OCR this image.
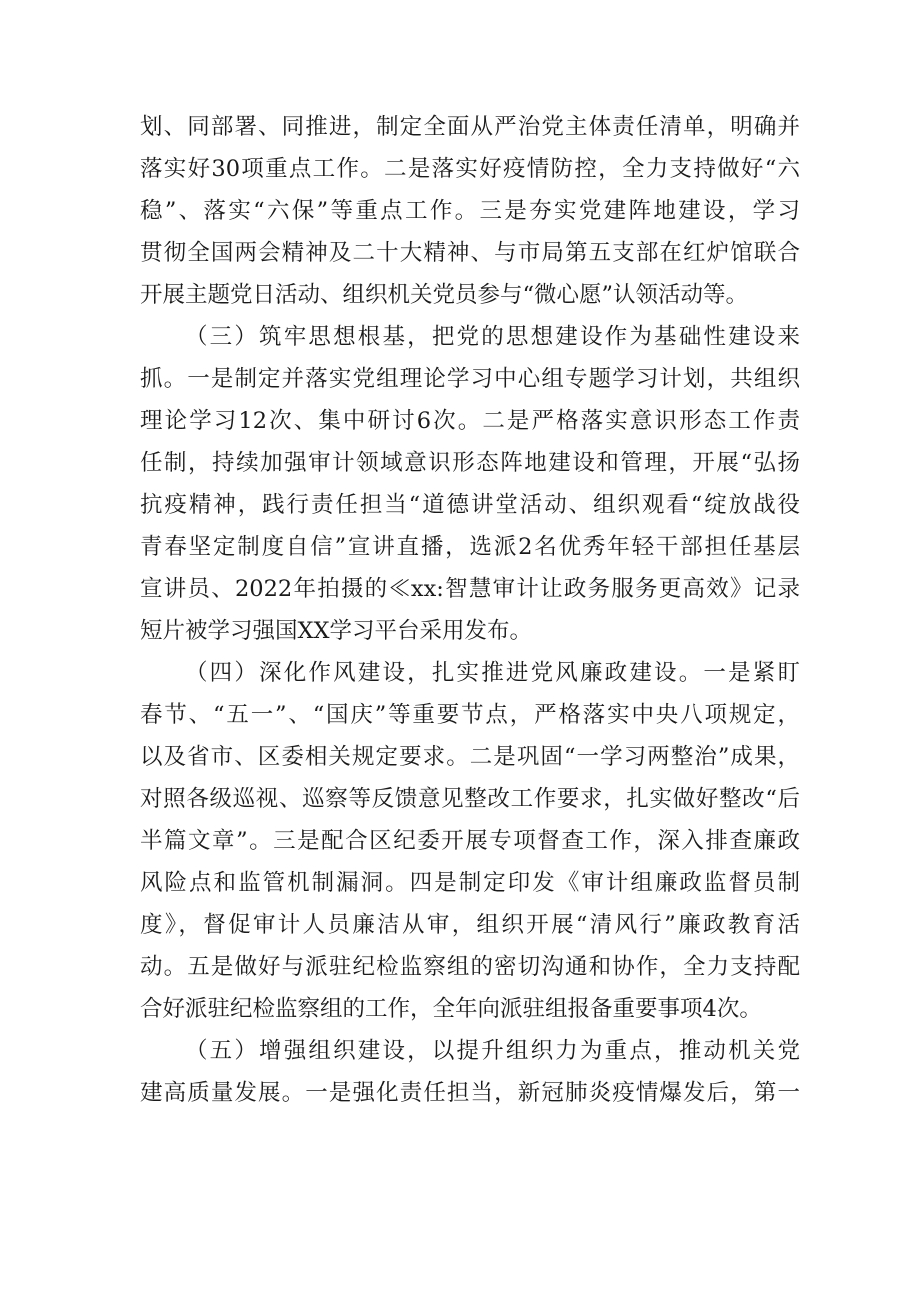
划、同部署、同推进，制定全面从严治党主体责任清单，明确并
落实好30项重点工作。二是落实好疫情防控，全力支持做好“六
稳”、落实“六保”等重点工作。三是夯实党建阵地建设，学习
贯彻全国两会精神及二十大精神、与市局第五支部在红炉馆联合
开展主题党日活动、组织机关党员参与“微心愿”认领活动等。
（三）筑牢思想根基，把党的思想建设作为基础性建设来
抓。一是制定并落实党组理论学习中心组专题学习计划，共组织
理论学习12次、集中研讨6次。二是严格落实意识形态工作责
任制，持续加强审计领域意识形态阵地建设和管理，开展“弘扬
抗疫精神，践行责任担当“道德讲堂活动、组织观看“绽放战役
青春坚定制度自信”宣讲直播，选派2名优秀年轻干部担任基层
宣讲员、2022年拍摄的≪xx:智慧审计让政务服务更高效》记录
短片被学习强国XX学习平台采用发布。
（四）深化作风建设，扎实推进党风廉政建设。一是紧盯
春节、“五一”、“国庆”等重要节点，严格落实中央八项规定，
以及省市、区委相关规定要求。二是巩固“一学习两整治”成果，
对照各级巡视、巡察等反馈意见整改工作要求，扎实做好整改“后
半篇文章”。三是配合区纪委开展专项督查工作，深入排查廉政
风险点和监管机制漏洞。四是制定印发《审计组廉政监督员制
度》，督促审计人员廉洁从审，组织开展“清风行”廉政教育活
动。五是做好与派驻纪检监察组的密切沟通和协作，全力支持配
合好派驻纪检监察组的工作，全年向派驻组报备重要事项4次。
（五）增强组织建设，以提升组织力为重点，推动机关党
建高质量发展。一是强化责任担当，新冠肺炎疫情爆发后，第一
